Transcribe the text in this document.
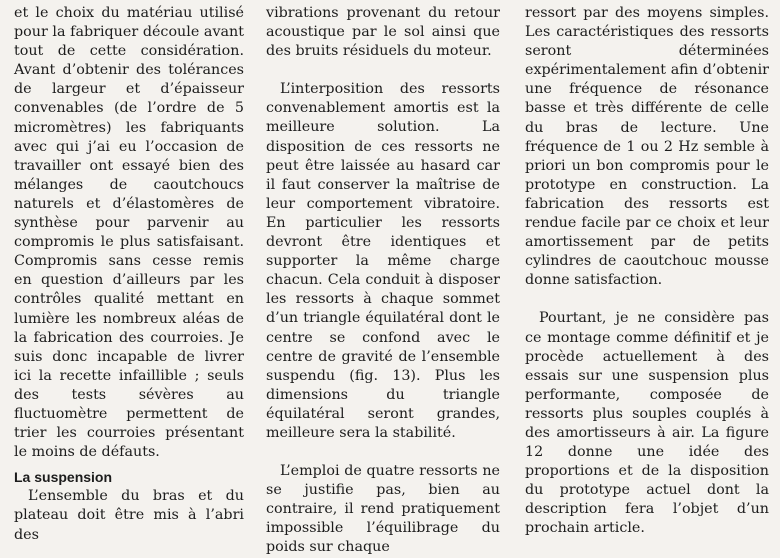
et le choix du matériau utilisé pour la fabriquer découle avant tout de cette considération. Avant d’obtenir des tolérances de largeur et d’épaisseur convenables (de l’ordre de 5 micromètres) les fabriquants avec qui j’ai eu l’occasion de travailler ont essayé bien des mélanges de caoutchoucs naturels et d’élastomères de synthèse pour parvenir au compromis le plus satisfaisant. Compromis sans cesse remis en question d’ailleurs par les contrôles qualité mettant en lumière les nombreux aléas de la fabrication des courroies. Je suis donc incapable de livrer ici la recette infaillible ; seuls des tests sévères au fluctuomètre permettent de trier les courroies présentant le moins de défauts.

La suspension

L’ensemble du bras et du plateau doit être mis à l’abri des

vibrations provenant du retour acoustique par le sol ainsi que des bruits résiduels du moteur.

L’interposition des ressorts convenablement amortis est la meilleure solution. La disposition de ces ressorts ne peut être laissée au hasard car il faut conserver la maîtrise de leur comportement vibratoire. En particulier les ressorts devront être identiques et supporter la même charge chacun. Cela conduit à disposer les ressorts à chaque sommet d’un triangle équilatéral dont le centre se confond avec le centre de gravité de l’ensemble suspendu (fig. 13). Plus les dimensions du triangle équilatéral seront grandes, meilleure sera la stabilité.

L’emploi de quatre ressorts ne se justifie pas, bien au contraire, il rend pratiquement impossible l’équilibrage du poids sur chaque

ressort par des moyens simples. Les caractéristiques des ressorts seront déterminées expérimentalement afin d’obtenir une fréquence de résonance basse et très différente de celle du bras de lecture. Une fréquence de 1 ou 2 Hz semble à priori un bon compromis pour le prototype en construction. La fabrication des ressorts est rendue facile par ce choix et leur amortissement par de petits cylindres de caoutchouc mousse donne satisfaction.

Pourtant, je ne considère pas ce montage comme définitif et je procède actuellement à des essais sur une suspension plus performante, composée de ressorts plus souples couplés à des amortisseurs à air. La figure 12 donne une idée des proportions et de la disposition du prototype actuel dont la description fera l’objet d’un prochain article.
